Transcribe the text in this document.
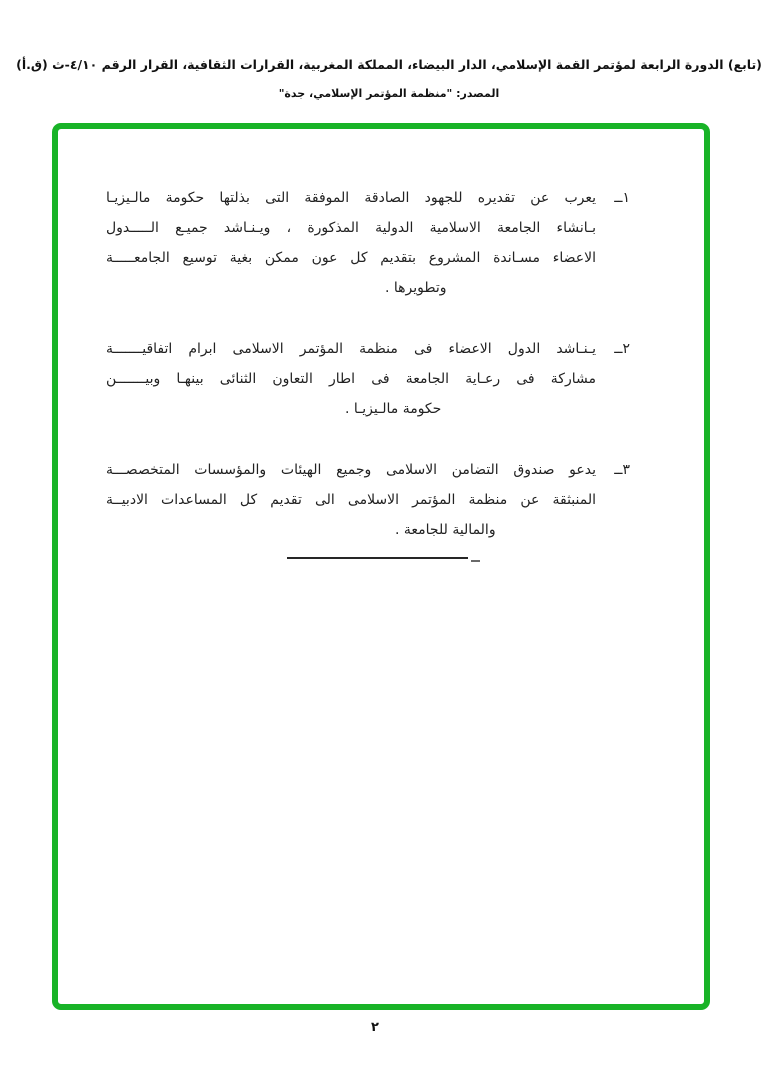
(تابع) الدورة الرابعة لمؤتمر القمة الإسلامي، الدار البيضاء، المملكة المغربية، القرارات الثقافية، القرار الرقم ٤/١٠-ث (ق.أ)
المصدر: "منظمة المؤتمر الإسلامي، جدة"
١ــ
يعرب عن تقديره للجهود الصادقة الموفقة التى بذلتها حكومة مالـيزيـا
بـانشاء الجامعة الاسلامية الدولية المذكورة ، ويـنـاشد جميـع الـــــدول
الاعضاء مسـاندة المشروع بتقديم كل عون ممكن بغية توسيع الجامعـــــة
وتطويرها .
٢ــ
يـنـاشد الدول الاعضاء فى منظمة المؤتمر الاسلامى ابرام اتفاقيـــــــة
مشاركة فى رعـاية الجامعة فى اطار التعاون الثنائى بينهـا وبيـــــــن
حكومة مالـيزيـا .
٣ــ
يدعو صندوق التضامن الاسلامى وجميع الهيئات والمؤسسات المتخصصـــة
المنبثقة عن منظمة المؤتمر الاسلامى الى تقديم كل المساعدات الادبيــة
والمالية للجامعة .
٢
